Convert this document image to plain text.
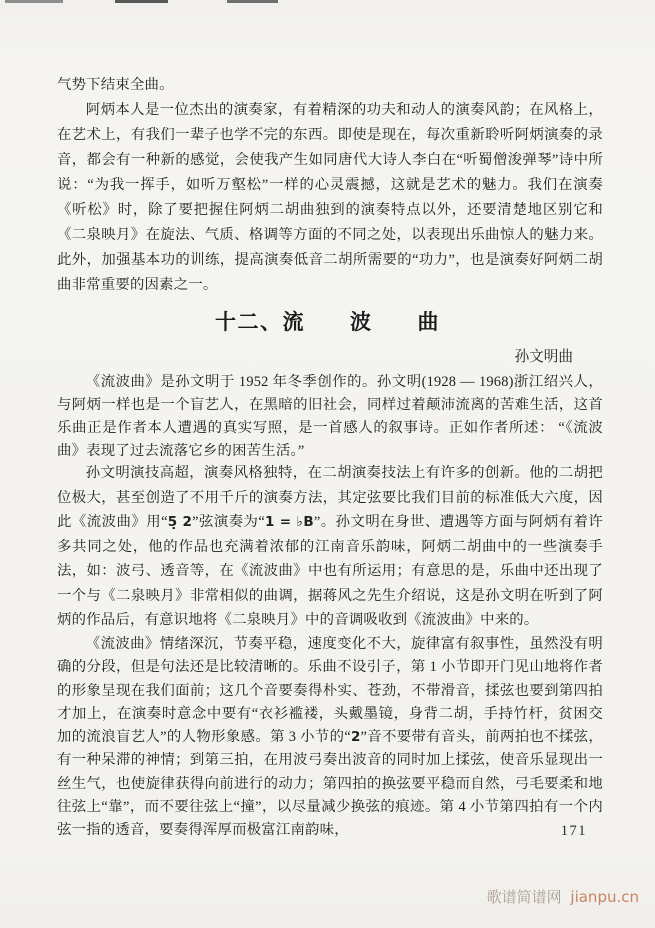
气势下结束全曲。

阿炳本人是一位杰出的演奏家，有着精深的功夫和动人的演奏风韵；在风格上，在艺术上，有我们一辈子也学不完的东西。即使是现在，每次重新聆听阿炳演奏的录音，都会有一种新的感觉，会使我产生如同唐代大诗人李白在“听蜀僧浚弹琴”诗中所说：“为我一挥手，如听万壑松”一样的心灵震撼，这就是艺术的魅力。我们在演奏《听松》时，除了要把握住阿炳二胡曲独到的演奏特点以外，还要清楚地区别它和《二泉映月》在旋法、气质、格调等方面的不同之处，以表现出乐曲惊人的魅力来。此外，加强基本功的训练，提高演奏低音二胡所需要的“功力”，也是演奏好阿炳二胡曲非常重要的因素之一。

十二、流　　波　　曲
孙文明曲

《流波曲》是孙文明于 1952 年冬季创作的。孙文明(1928 — 1968)浙江绍兴人，与阿炳一样也是一个盲艺人，在黑暗的旧社会，同样过着颠沛流离的苦难生活，这首乐曲正是作者本人遭遇的真实写照，是一首感人的叙事诗。正如作者所述： “《流波曲》表现了过去流落它乡的困苦生活。”

孙文明演技高超，演奏风格独特，在二胡演奏技法上有许多的创新。他的二胡把位极大，甚至创造了不用千斤的演奏方法，其定弦要比我们目前的标准低大六度，因此《流波曲》用“5̣ 2”弦演奏为“1 = ♭B”。孙文明在身世、遭遇等方面与阿炳有着许多共同之处，他的作品也充满着浓郁的江南音乐韵味，阿炳二胡曲中的一些演奏手法，如：波弓、透音等，在《流波曲》中也有所运用；有意思的是，乐曲中还出现了一个与《二泉映月》非常相似的曲调，据蒋风之先生介绍说，这是孙文明在听到了阿炳的作品后，有意识地将《二泉映月》中的音调吸收到《流波曲》中来的。

《流波曲》情绪深沉，节奏平稳，速度变化不大，旋律富有叙事性，虽然没有明确的分段，但是句法还是比较清晰的。乐曲不设引子，第 1 小节即开门见山地将作者的形象呈现在我们面前；这几个音要奏得朴实、苍劲，不带滑音，揉弦也要到第四拍才加上，在演奏时意念中要有“衣衫褴褛，头戴墨镜，身背二胡，手持竹杆，贫困交加的流浪盲艺人”的人物形象感。第 3 小节的“2”音不要带有音头，前两拍也不揉弦，有一种呆滞的神情；到第三拍，在用波弓奏出波音的同时加上揉弦，使音乐显现出一丝生气，也使旋律获得向前进行的动力；第四拍的换弦要平稳而自然，弓毛要柔和地往弦上“靠”，而不要往弦上“撞”，以尽量减少换弦的痕迹。第 4 小节第四拍有一个内弦一指的透音，要奏得浑厚而极富江南韵味，	171
歌谱简谱网 jianpu.cn
